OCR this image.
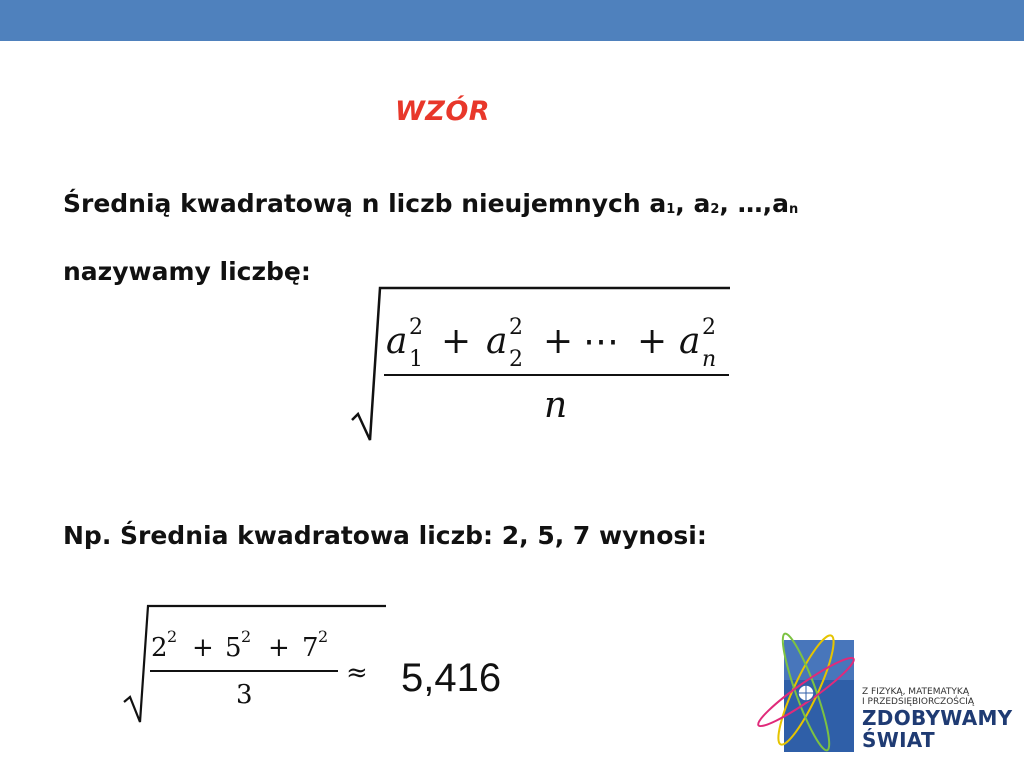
WZÓR
Średnią kwadratową n liczb nieujemnych a1, a2, …,an
nazywamy liczbę:
a 1
2 + a 2
2 + ⋯ + a n
2
n
2 2 + 5 2 + 7 2
3
≈
Np. Średnia kwadratowa liczb: 2, 5, 7 wynosi:
5,416	Z FIZYKĄ, MATEMATYKĄ
I PRZEDSIĘBIORCZOŚCIĄ
ZDOBYWAMY
ŚWIAT
